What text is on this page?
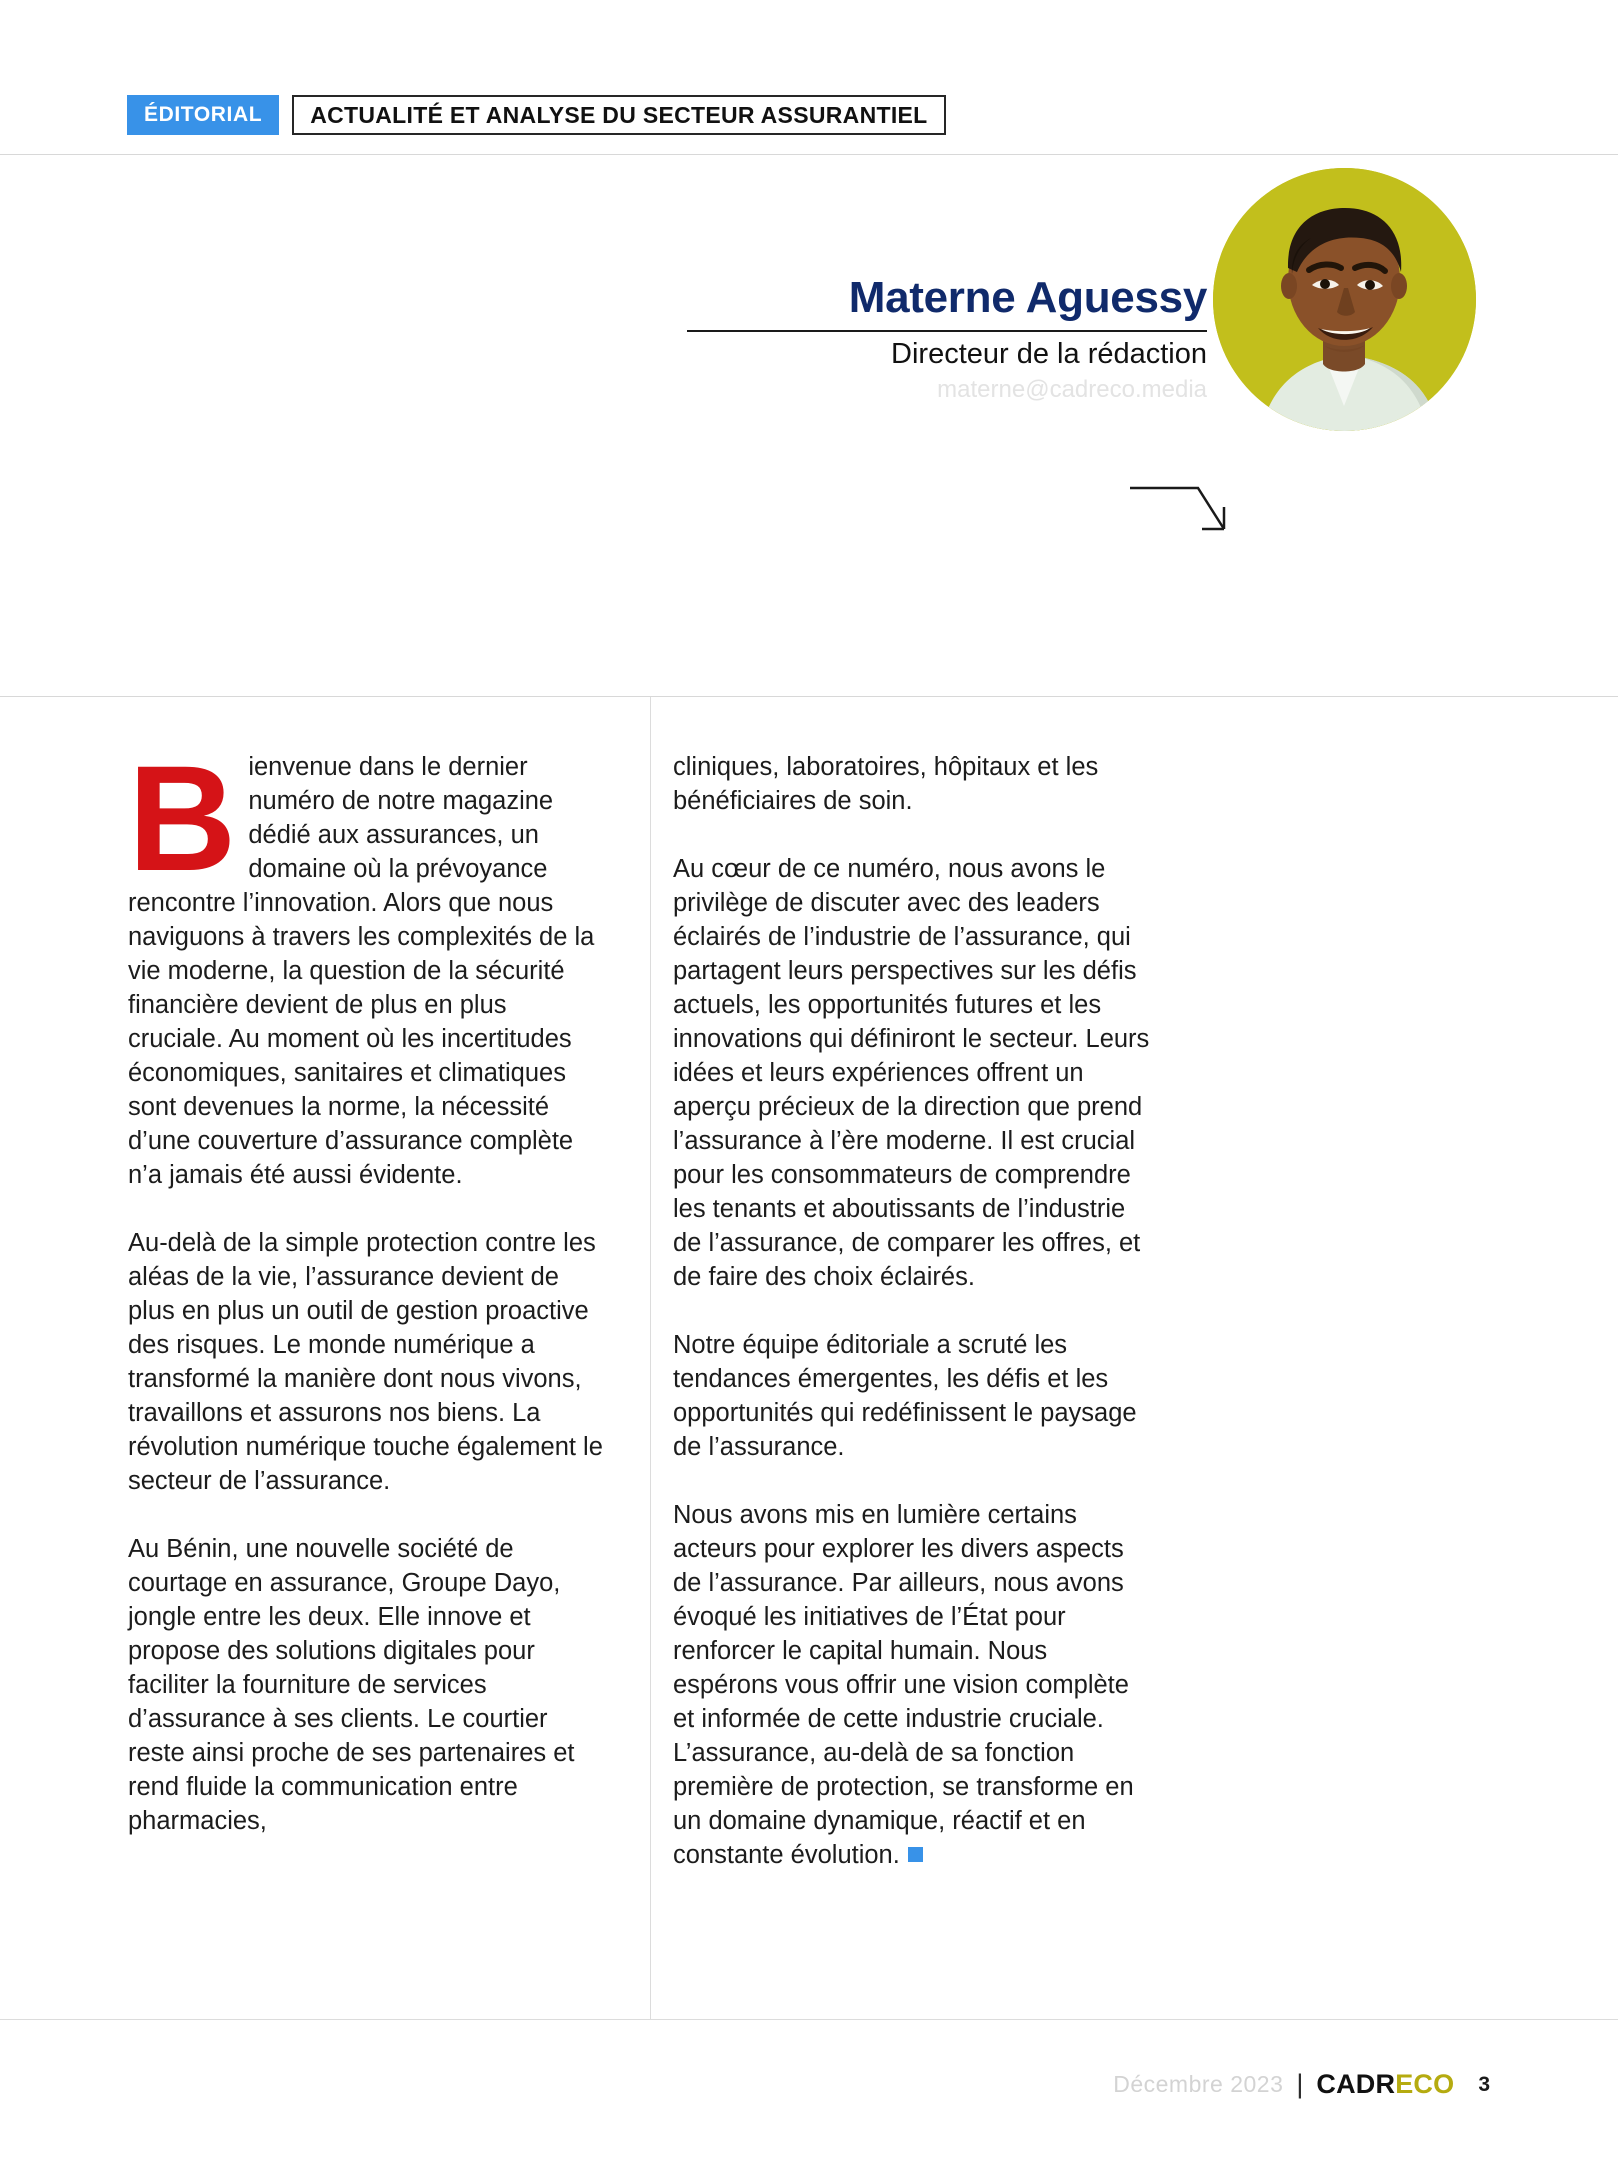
ÉDITORIAL	ACTUALITÉ ET ANALYSE DU SECTEUR ASSURANTIEL
Materne Aguessy
Directeur de la rédaction
materne@cadreco.media

Bienvenue dans le dernier numéro de notre magazine dédié aux assurances, un domaine où la prévoyance rencontre l’innovation. Alors que nous naviguons à travers les complexités de la vie moderne, la question de la sécurité financière devient de plus en plus cruciale. Au moment où les incertitudes économiques, sanitaires et climatiques sont devenues la norme, la nécessité d’une couverture d’assurance complète n’a jamais été aussi évidente.

Au-delà de la simple protection contre les aléas de la vie, l’assurance devient de plus en plus un outil de gestion proactive des risques. Le monde numérique a transformé la manière dont nous vivons, travaillons et assurons nos biens. La révolution numérique touche également le secteur de l’assurance.

Au Bénin, une nouvelle société de courtage en assurance, Groupe Dayo, jongle entre les deux. Elle innove et propose des solutions digitales pour faciliter la fourniture de services d’assurance à ses clients. Le courtier reste ainsi proche de ses partenaires et rend fluide la communication entre pharmacies,

cliniques, laboratoires, hôpitaux et les bénéficiaires de soin.

Au cœur de ce numéro, nous avons le privilège de discuter avec des leaders éclairés de l’industrie de l’assurance, qui partagent leurs perspectives sur les défis actuels, les opportunités futures et les innovations qui définiront le secteur. Leurs idées et leurs expériences offrent un aperçu précieux de la direction que prend l’assurance à l’ère moderne. Il est crucial pour les consommateurs de comprendre les tenants et aboutissants de l’industrie de l’assurance, de comparer les offres, et de faire des choix éclairés.

Notre équipe éditoriale a scruté les tendances émergentes, les défis et les opportunités qui redéfinissent le paysage de l’assurance.

Nous avons mis en lumière certains acteurs pour explorer les divers aspects de l’assurance. Par ailleurs, nous avons évoqué les initiatives de l’État pour renforcer le capital humain. Nous espérons vous offrir une vision complète et informée de cette industrie cruciale. L’assurance, au-delà de sa fonction première de protection, se transforme en un domaine dynamique, réactif et en constante évolution.

Décembre 2023 | CADRECO 3
